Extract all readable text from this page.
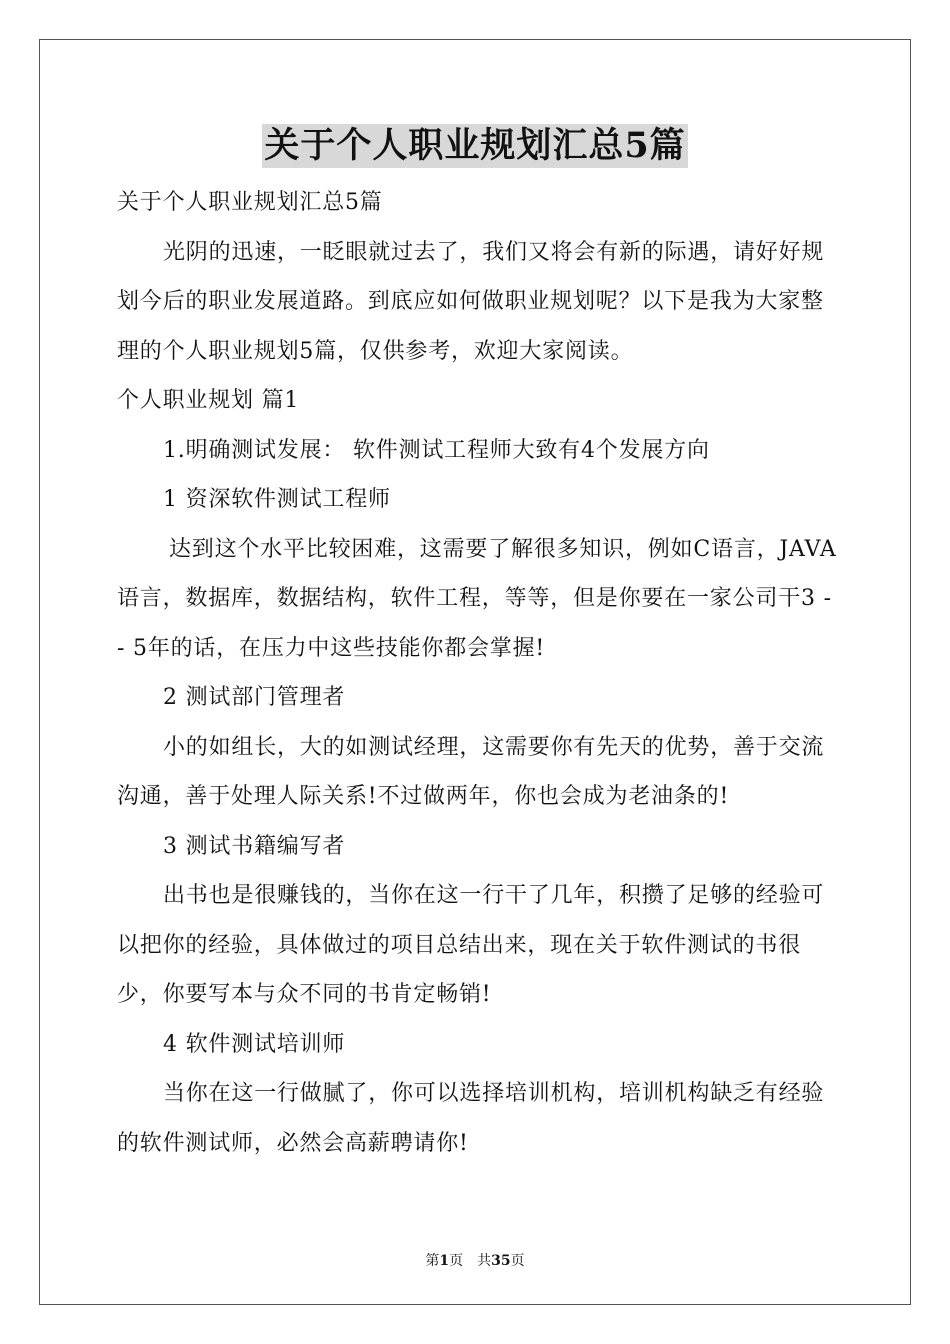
关于个人职业规划汇总5篇

关于个人职业规划汇总5篇

光阴的迅速，一眨眼就过去了，我们又将会有新的际遇，请好好规划今后的职业发展道路。到底应如何做职业规划呢？以下是我为大家整理的个人职业规划5篇，仅供参考，欢迎大家阅读。

个人职业规划 篇1

1.明确测试发展： 软件测试工程师大致有4个发展方向

1 资深软件测试工程师

达到这个水平比较困难，这需要了解很多知识，例如C语言，JAVA语言，数据库，数据结构，软件工程，等等，但是你要在一家公司干3 -- 5年的话，在压力中这些技能你都会掌握!

2 测试部门管理者

小的如组长，大的如测试经理，这需要你有先天的优势，善于交流沟通，善于处理人际关系!不过做两年，你也会成为老油条的!

3 测试书籍编写者

出书也是很赚钱的，当你在这一行干了几年，积攒了足够的经验可以把你的经验，具体做过的项目总结出来，现在关于软件测试的书很少，你要写本与众不同的书肯定畅销!

4 软件测试培训师

当你在这一行做腻了，你可以选择培训机构，培训机构缺乏有经验的软件测试师，必然会高薪聘请你!

第1页　共35页
